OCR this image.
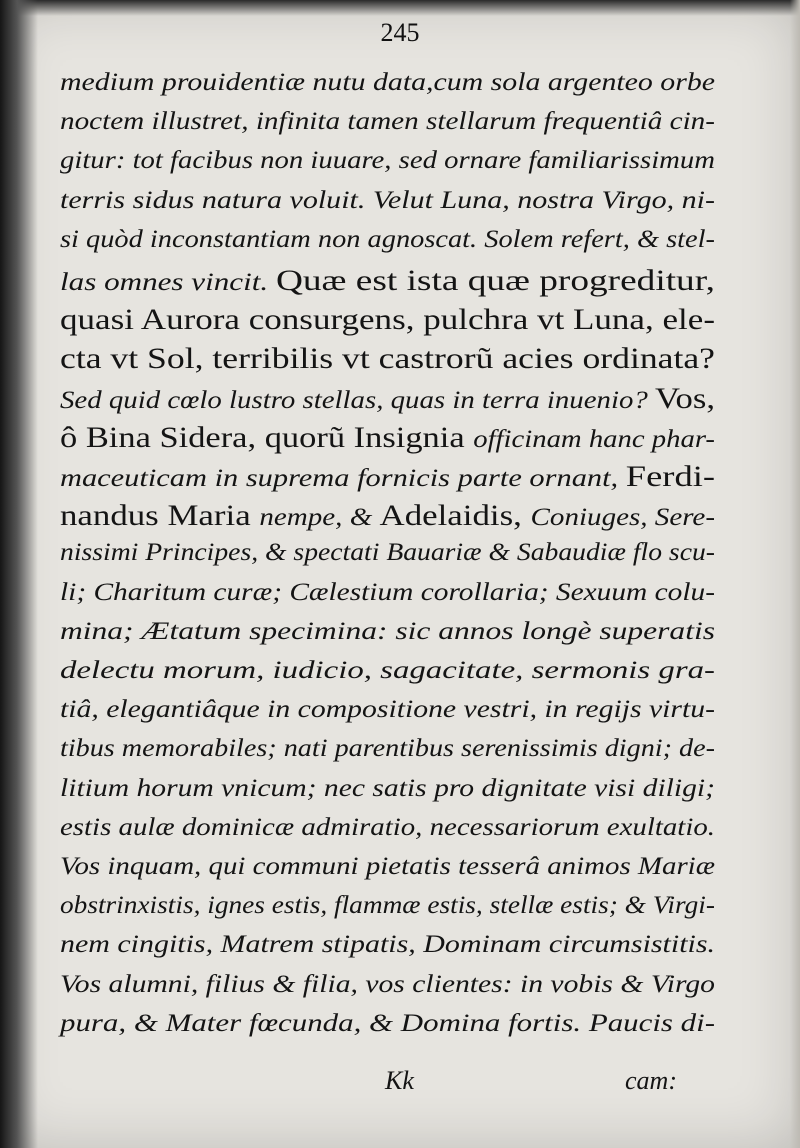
245
medium prouidentiæ nutu data,cum sola argenteo orbe
noctem illustret, infinita tamen stellarum frequentiâ cin-
gitur: tot facibus non iuuare, sed ornare familiarissimum
terris sidus natura voluit. Velut Luna, nostra Virgo, ni-
si quòd inconstantiam non agnoscat. Solem refert, & stel-
las omnes vincit. Quæ est ista quæ progreditur,
quasi Aurora consurgens, pulchra vt Luna, ele-
cta vt Sol, terribilis vt castrorũ acies ordinata?
Sed quid cœlo lustro stellas, quas in terra inuenio? Vos,
ô Bina Sidera, quorũ Insignia officinam hanc phar-
maceuticam in suprema fornicis parte ornant, Ferdi-
nandus Maria nempe, & Adelaidis, Coniuges, Sere-
nissimi Principes, & spectati Bauariæ & Sabaudiæ flo scu-
li; Charitum curæ; Cælestium corollaria; Sexuum colu-
mina; Ætatum specimina: sic annos longè superatis
delectu morum, iudicio, sagacitate, sermonis gra-
tiâ, elegantiâque in compositione vestri, in regijs virtu-
tibus memorabiles; nati parentibus serenissimis digni; de-
litium horum vnicum; nec satis pro dignitate visi diligi;
estis aulæ dominicæ admiratio, necessariorum exultatio.
Vos inquam, qui communi pietatis tesserâ animos Mariæ
obstrinxistis, ignes estis, flammæ estis, stellæ estis; & Virgi-
nem cingitis, Matrem stipatis, Dominam circumsistitis.
Vos alumni, filius & filia, vos clientes: in vobis & Virgo
pura, & Mater fœcunda, & Domina fortis. Paucis di-
Kk	cam:
